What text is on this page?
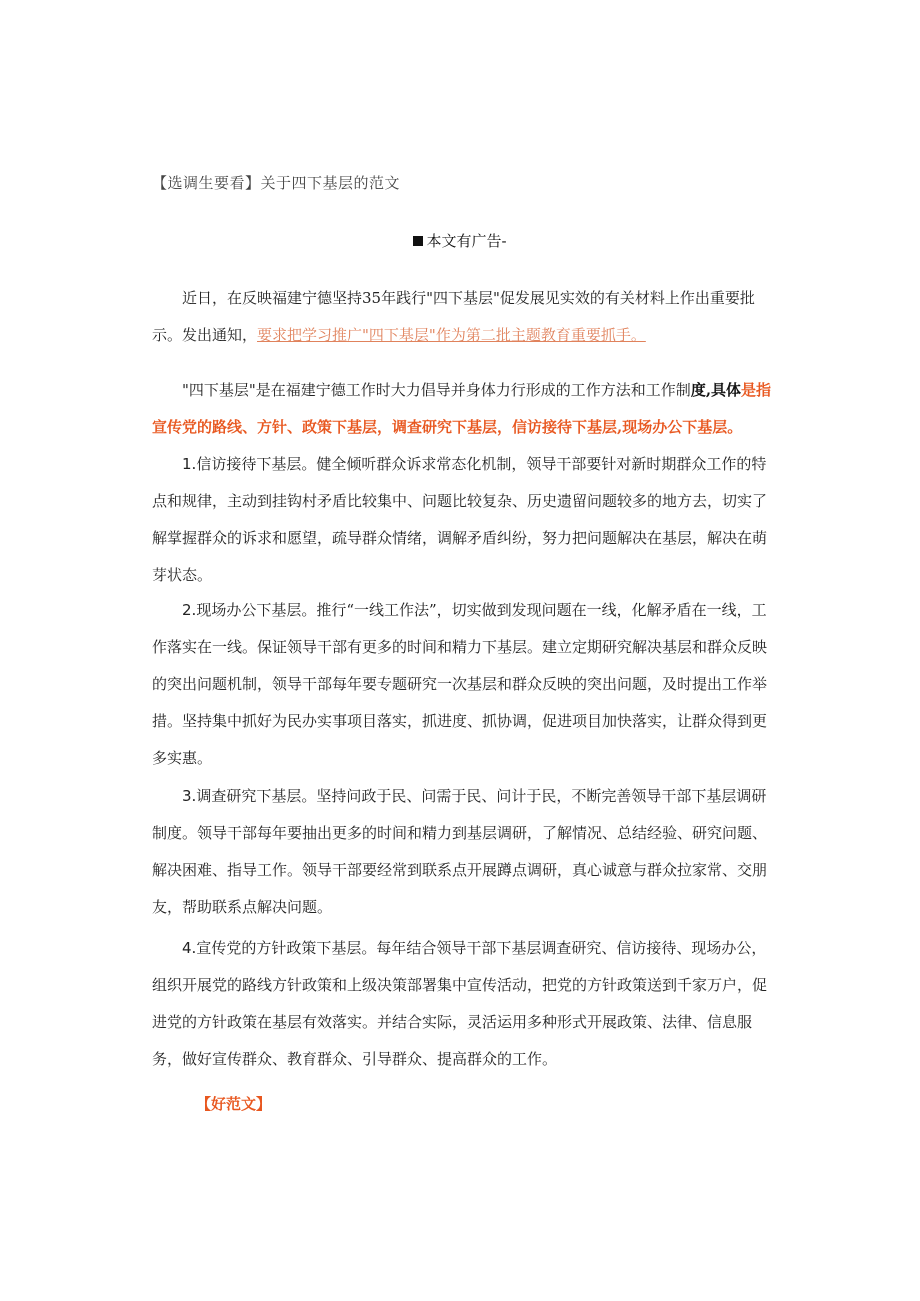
【选调生要看】关于四下基层的范文
本文有广告-
近日，在反映福建宁德坚持35年践行"四下基层"促发展见实效的有关材料上作出重要批示。发出通知，要求把学习推广"四下基层"作为第二批主题教育重要抓手。
"四下基层"是在福建宁德工作时大力倡导并身体力行形成的工作方法和工作制度,具体是指宣传党的路线、方针、政策下基层，调查研究下基层，信访接待下基层,现场办公下基层。
1.信访接待下基层。健全倾听群众诉求常态化机制，领导干部要针对新时期群众工作的特点和规律，主动到挂钩村矛盾比较集中、问题比较复杂、历史遗留问题较多的地方去，切实了解掌握群众的诉求和愿望，疏导群众情绪，调解矛盾纠纷，努力把问题解决在基层，解决在萌芽状态。
2.现场办公下基层。推行“一线工作法”，切实做到发现问题在一线，化解矛盾在一线，工作落实在一线。保证领导干部有更多的时间和精力下基层。建立定期研究解决基层和群众反映的突出问题机制，领导干部每年要专题研究一次基层和群众反映的突出问题，及时提出工作举措。坚持集中抓好为民办实事项目落实，抓进度、抓协调，促进项目加快落实，让群众得到更多实惠。
3.调查研究下基层。坚持问政于民、问需于民、问计于民，不断完善领导干部下基层调研制度。领导干部每年要抽出更多的时间和精力到基层调研，了解情况、总结经验、研究问题、解决困难、指导工作。领导干部要经常到联系点开展蹲点调研，真心诚意与群众拉家常、交朋友，帮助联系点解决问题。
4.宣传党的方针政策下基层。每年结合领导干部下基层调查研究、信访接待、现场办公，组织开展党的路线方针政策和上级决策部署集中宣传活动，把党的方针政策送到千家万户，促进党的方针政策在基层有效落实。并结合实际，灵活运用多种形式开展政策、法律、信息服务，做好宣传群众、教育群众、引导群众、提高群众的工作。
【好范文】
